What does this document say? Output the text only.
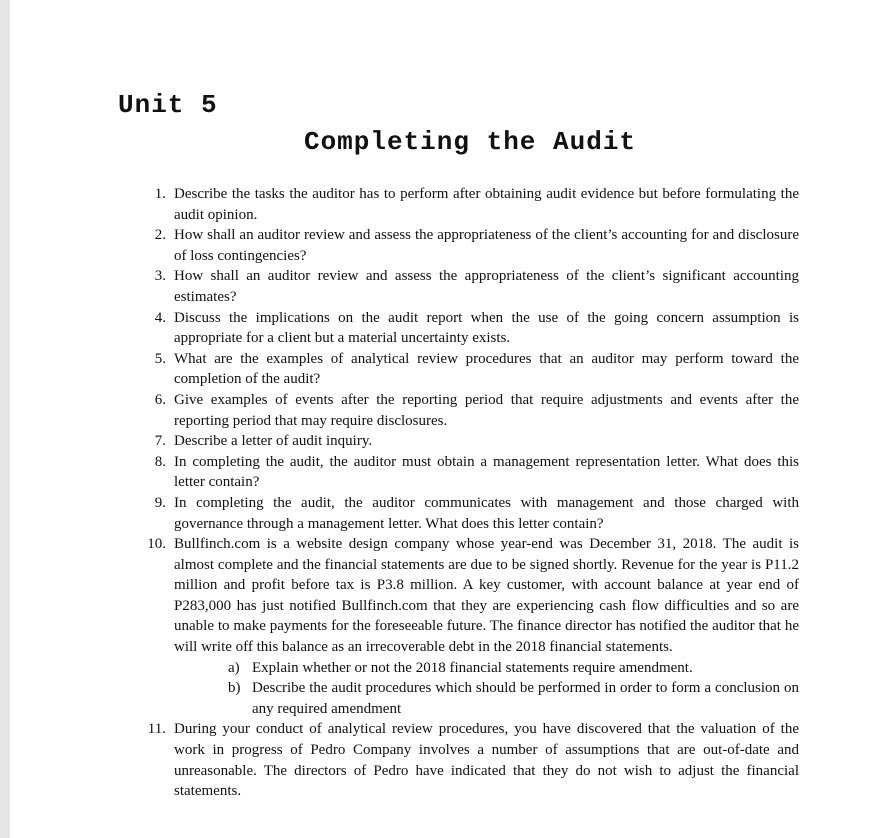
Unit 5
Completing the Audit
1. Describe the tasks the auditor has to perform after obtaining audit evidence but before formulating the audit opinion.
2. How shall an auditor review and assess the appropriateness of the client’s accounting for and disclosure of loss contingencies?
3. How shall an auditor review and assess the appropriateness of the client’s significant accounting estimates?
4. Discuss the implications on the audit report when the use of the going concern assumption is appropriate for a client but a material uncertainty exists.
5. What are the examples of analytical review procedures that an auditor may perform toward the completion of the audit?
6. Give examples of events after the reporting period that require adjustments and events after the reporting period that may require disclosures.
7. Describe a letter of audit inquiry.
8. In completing the audit, the auditor must obtain a management representation letter. What does this letter contain?
9. In completing the audit, the auditor communicates with management and those charged with governance through a management letter. What does this letter contain?
10. Bullfinch.com is a website design company whose year-end was December 31, 2018. The audit is almost complete and the financial statements are due to be signed shortly. Revenue for the year is P11.2 million and profit before tax is P3.8 million. A key customer, with account balance at year end of P283,000 has just notified Bullfinch.com that they are experiencing cash flow difficulties and so are unable to make payments for the foreseeable future. The finance director has notified the auditor that he will write off this balance as an irrecoverable debt in the 2018 financial statements.
a) Explain whether or not the 2018 financial statements require amendment.
b) Describe the audit procedures which should be performed in order to form a conclusion on any required amendment
11. During your conduct of analytical review procedures, you have discovered that the valuation of the work in progress of Pedro Company involves a number of assumptions that are out-of-date and unreasonable. The directors of Pedro have indicated that they do not wish to adjust the financial statements.
